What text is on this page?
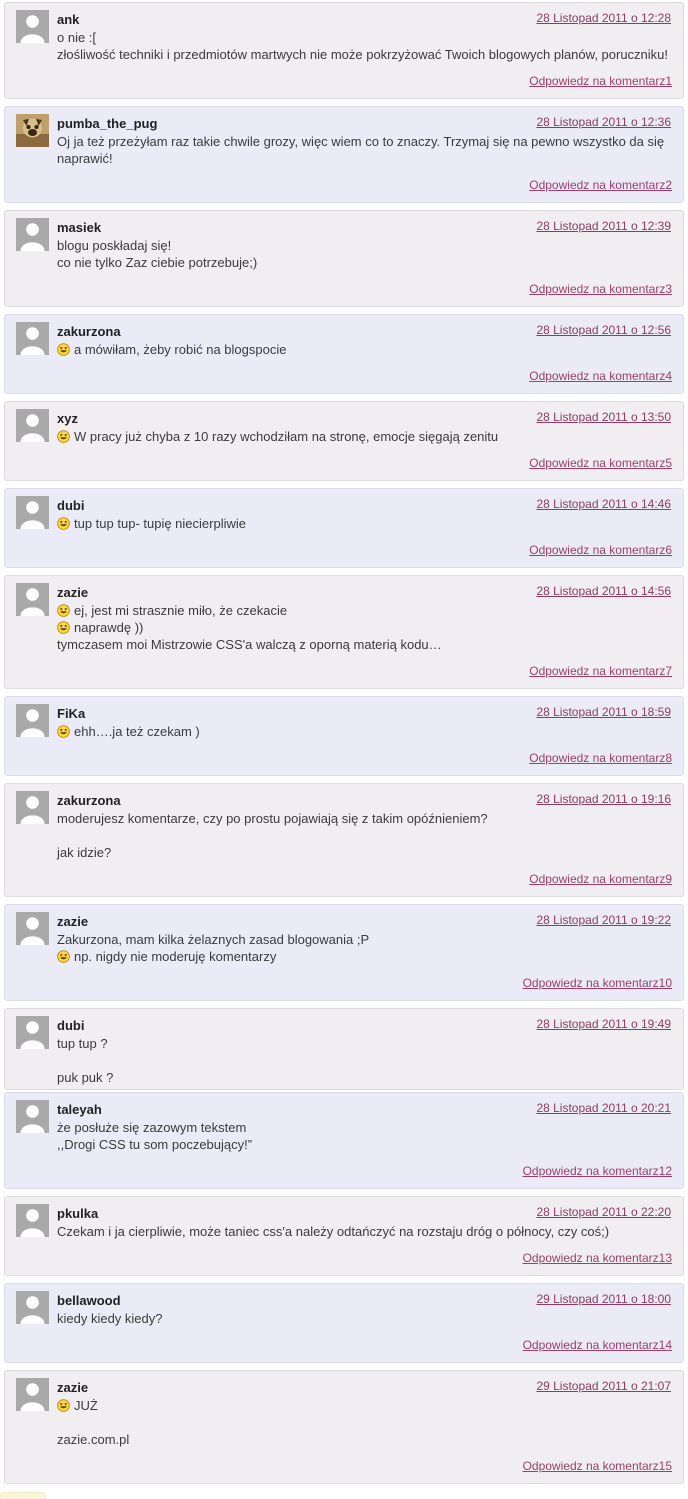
28 Listopad 2011 o 12:28
ank
o nie :[
złośliwość techniki i przedmiotów martwych nie może pokrzyżować Twoich blogowych planów, poruczniku!
Odpowiedz na komentarz1
28 Listopad 2011 o 12:36
pumba_the_pug
Oj ja też przeżyłam raz takie chwile grozy, więc wiem co to znaczy. Trzymaj się na pewno wszystko da się naprawić!
Odpowiedz na komentarz2
28 Listopad 2011 o 12:39
masiek
blogu poskładaj się!
co nie tylko Zaz ciebie potrzebuje;)
Odpowiedz na komentarz3
28 Listopad 2011 o 12:56
zakurzona
a mówiłam, żeby robić na blogspocie
Odpowiedz na komentarz4
28 Listopad 2011 o 13:50
xyz
W pracy już chyba z 10 razy wchodziłam na stronę, emocje sięgają zenitu
Odpowiedz na komentarz5
28 Listopad 2011 o 14:46
dubi
tup tup tup- tupię niecierpliwie
Odpowiedz na komentarz6
28 Listopad 2011 o 14:56
zazie
ej, jest mi strasznie miło, że czekacie
naprawdę ))
tymczasem moi Mistrzowie CSS'a walczą z oporną materią kodu…
Odpowiedz na komentarz7
28 Listopad 2011 o 18:59
FiKa
ehh….ja też czekam )
Odpowiedz na komentarz8
28 Listopad 2011 o 19:16
zakurzona
moderujesz komentarze, czy po prostu pojawiają się z takim opóźnieniem?
jak idzie?
Odpowiedz na komentarz9
28 Listopad 2011 o 19:22
zazie
Zakurzona, mam kilka żelaznych zasad blogowania ;P
np. nigdy nie moderuję komentarzy
Odpowiedz na komentarz10
28 Listopad 2011 o 19:49
dubi
tup tup ?
puk puk ?
28 Listopad 2011 o 20:21
taleyah
że posłuże się zazowym tekstem
,,Drogi CSS tu som poczebujący!”
Odpowiedz na komentarz12
28 Listopad 2011 o 22:20
pkulka
Czekam i ja cierpliwie, może taniec css'a należy odtańczyć na rozstaju dróg o północy, czy coś;)
Odpowiedz na komentarz13
29 Listopad 2011 o 18:00
bellawood
kiedy kiedy kiedy?
Odpowiedz na komentarz14
29 Listopad 2011 o 21:07
zazie
JUŻ
zazie.com.pl
Odpowiedz na komentarz15
